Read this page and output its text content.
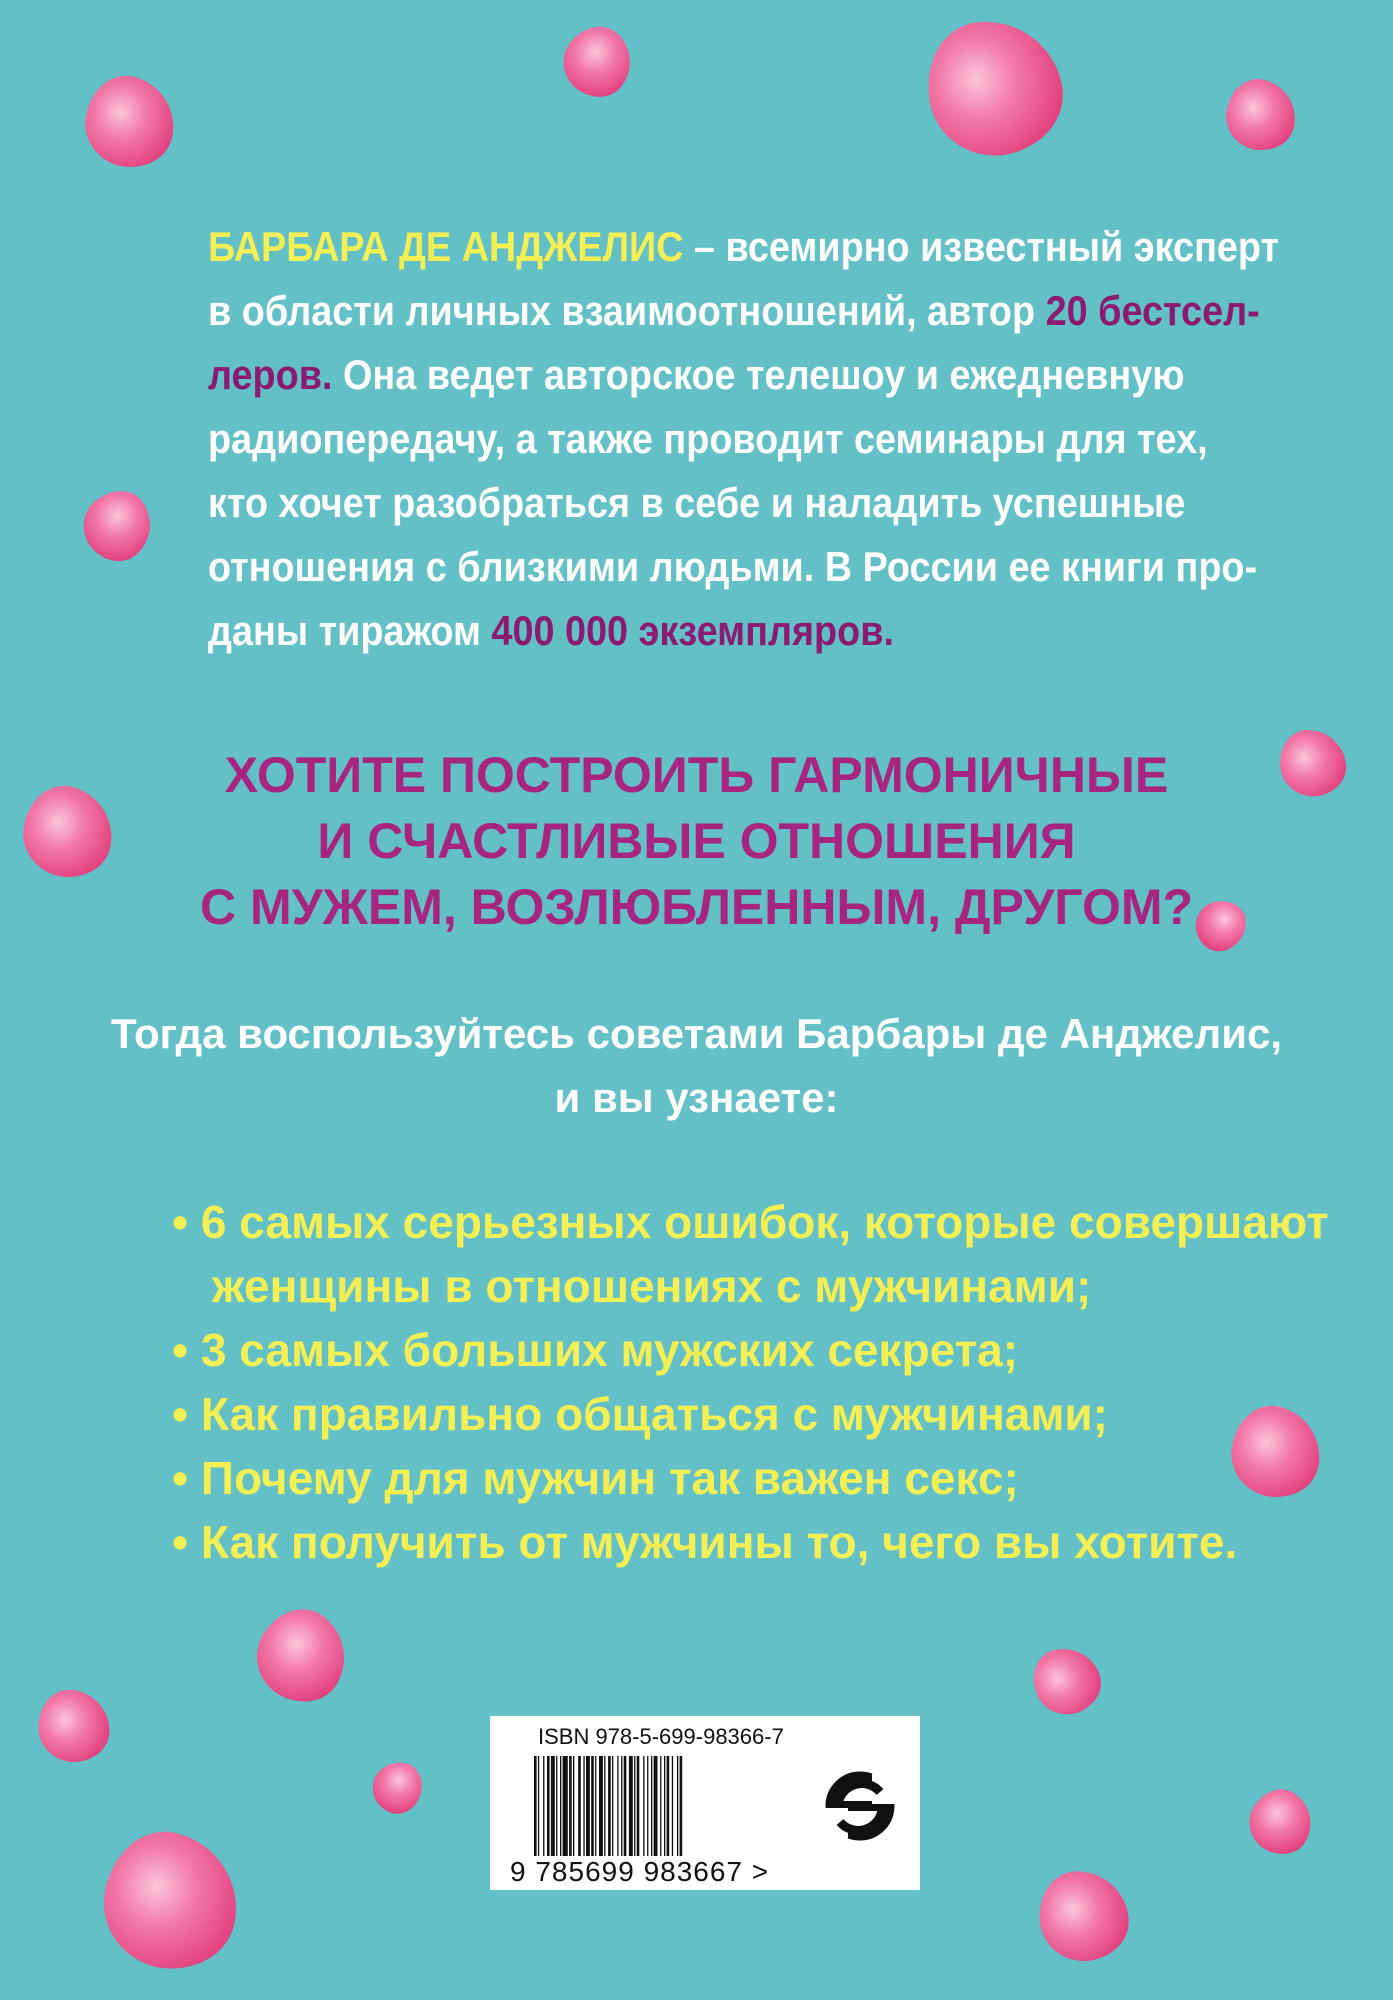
БАРБАРА ДЕ АНДЖЕЛИС – всемирно известный эксперт
в области личных взаимоотношений, автор 20 бестсел-
леров. Она ведет авторское телешоу и ежедневную
радиопередачу, а также проводит семинары для тех,
кто хочет разобраться в себе и наладить успешные
отношения с близкими людьми. В России ее книги про-
даны тиражом 400 000 экземпляров.
ХОТИТЕ ПОСТРОИТЬ ГАРМОНИЧНЫЕ
И СЧАСТЛИВЫЕ ОТНОШЕНИЯ
С МУЖЕМ, ВОЗЛЮБЛЕННЫМ, ДРУГОМ?
Тогда воспользуйтесь советами Барбары де Анджелис,
и вы узнаете:
• 6 самых серьезных ошибок, которые совершают
женщины в отношениях с мужчинами;
• 3 самых больших мужских секрета;
• Как правильно общаться с мужчинами;
• Почему для мужчин так важен секс;
• Как получить от мужчины то, чего вы хотите.
ISBN 978-5-699-98366-7
9 785699 983667 >
